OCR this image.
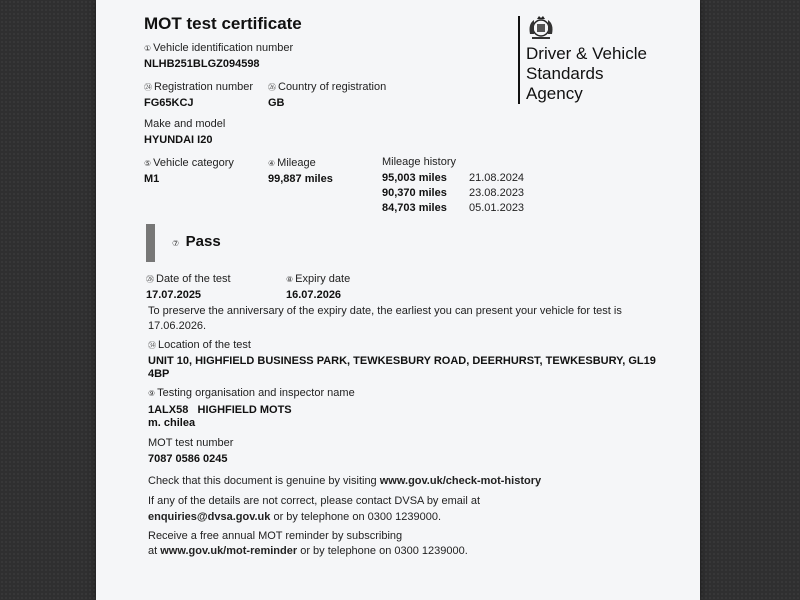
MOT test certificate
Driver & Vehicle
Standards
Agency
① Vehicle identification number
NLHB251BLGZ094598
㉔ Registration number
FG65KCJ
㉖ Country of registration
GB
Make and model
HYUNDAI I20
⑤ Vehicle category
M1
④ Mileage
99,887 miles
Mileage history
95,003 miles 21.08.2024
90,370 miles 23.08.2023
84,703 miles 05.01.2023
⑦ Pass
㉘ Date of the test
17.07.2025
⑧ Expiry date
16.07.2026
To preserve the anniversary of the expiry date, the earliest you can present your vehicle for test is
17.06.2026.
㉞ Location of the test
UNIT 10, HIGHFIELD BUSINESS PARK, TEWKESBURY ROAD, DEERHURST, TEWKESBURY, GL19
4BP
⑨ Testing organisation and inspector name
1ALX58   HIGHFIELD MOTS
m. chilea
MOT test number
7087 0586 0245
Check that this document is genuine by visiting www.gov.uk/check-mot-history
If any of the details are not correct, please contact DVSA by email at
enquiries@dvsa.gov.uk or by telephone on 0300 1239000.
Receive a free annual MOT reminder by subscribing
at www.gov.uk/mot-reminder or by telephone on 0300 1239000.
